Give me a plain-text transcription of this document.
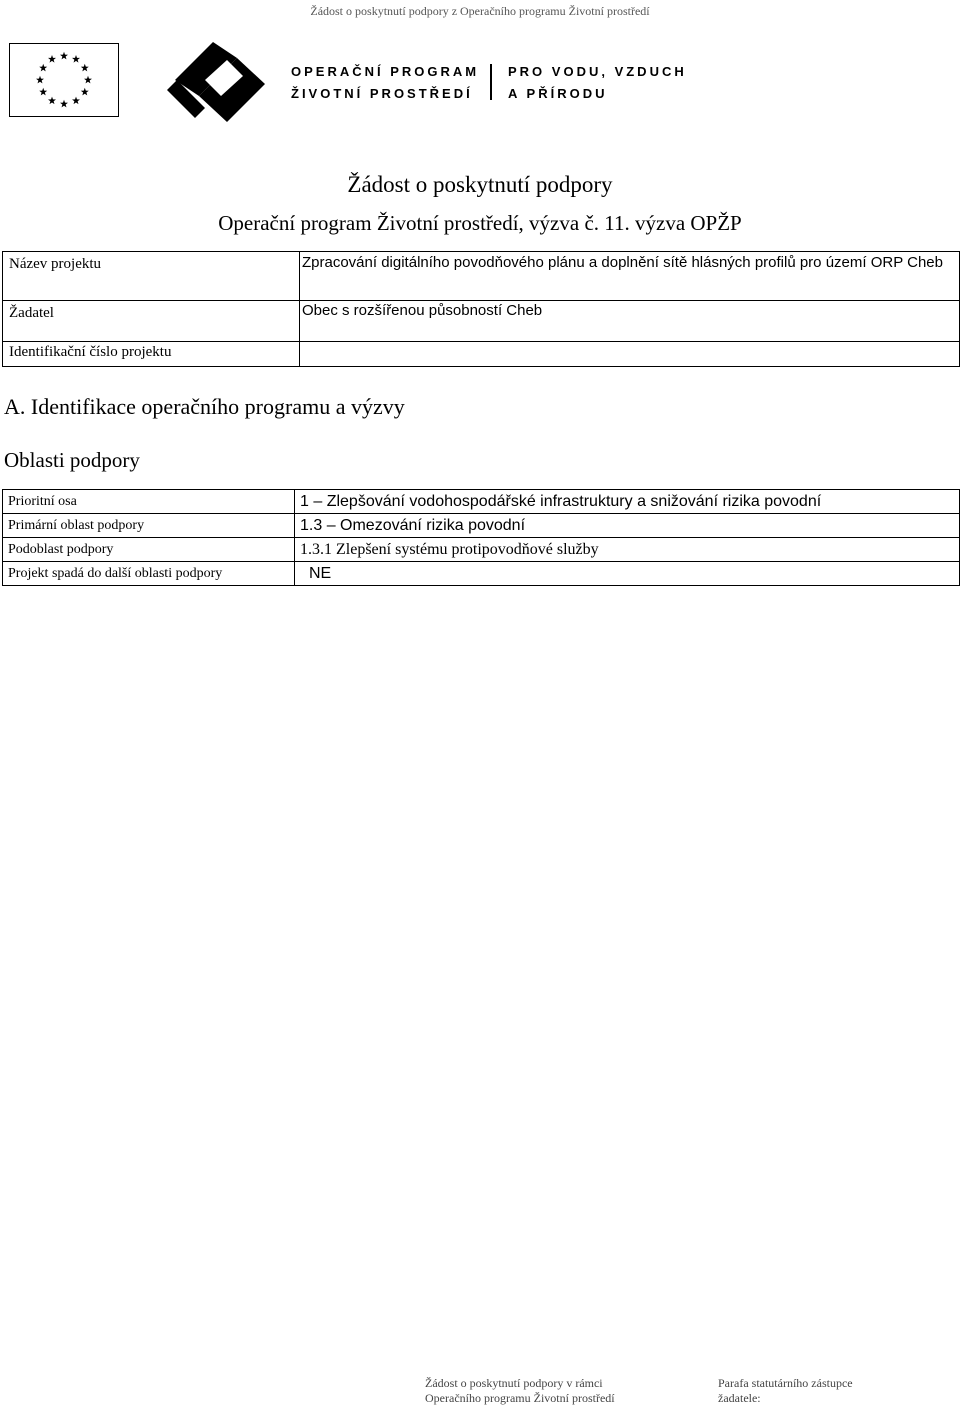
Žádost o poskytnutí podpory z Operačního programu Životní prostředí
OPERAČNÍ PROGRAM
ŽIVOTNÍ PROSTŘEDÍ
PRO VODU, VZDUCH
A PŘÍRODU
Žádost o poskytnutí podpory
Operační program Životní prostředí, výzva č. 11. výzva OPŽP
Název projektu	Zpracování digitálního povodňového plánu a doplnění sítě hlásných profilů pro území ORP Cheb
Žadatel	Obec s rozšířenou působností Cheb
Identifikační číslo projektu	
A. Identifikace operačního programu a výzvy
Oblasti podpory
Prioritní osa	1 – Zlepšování vodohospodářské infrastruktury a snižování rizika povodní
Primární oblast podpory	1.3 – Omezování rizika povodní
Podoblast podpory	1.3.1 Zlepšení systému protipovodňové služby
Projekt spadá do další oblasti podpory	NE
Žádost o poskytnutí podpory v rámci
Operačního programu Životní prostředí
Parafa statutárního zástupce
žadatele:
